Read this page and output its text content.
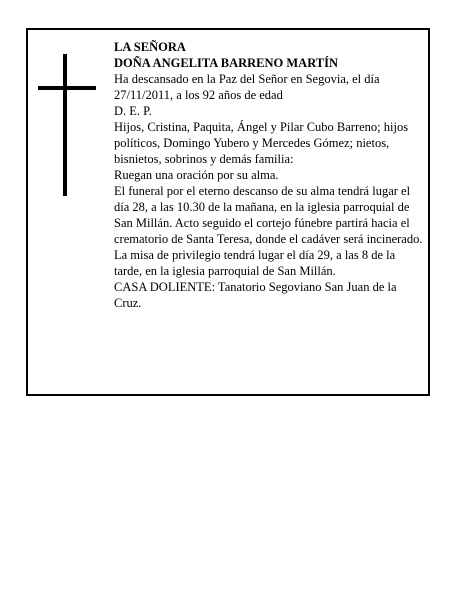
LA SEÑORA

DOÑA ANGELITA BARRENO MARTÍN

Ha descansado en la Paz del Señor en Segovia, el día 27/11/2011, a los 92 años de edad

D. E. P.

Hijos, Cristina, Paquita, Ángel y Pilar Cubo Barreno; hijos políticos, Domingo Yubero y Mercedes Gómez; nietos, bisnietos, sobrinos y demás familia:

Ruegan una oración por su alma.

El funeral por el eterno descanso de su alma tendrá lugar el día 28, a las 10.30 de la mañana, en la iglesia parroquial de San Millán. Acto seguido el cortejo fúnebre partirá hacia el crematorio de Santa Teresa, donde el cadáver será incinerado.

La misa de privilegio tendrá lugar el día 29, a las 8 de la tarde, en la iglesia parroquial de San Millán.

CASA DOLIENTE: Tanatorio Segoviano San Juan de la Cruz.
